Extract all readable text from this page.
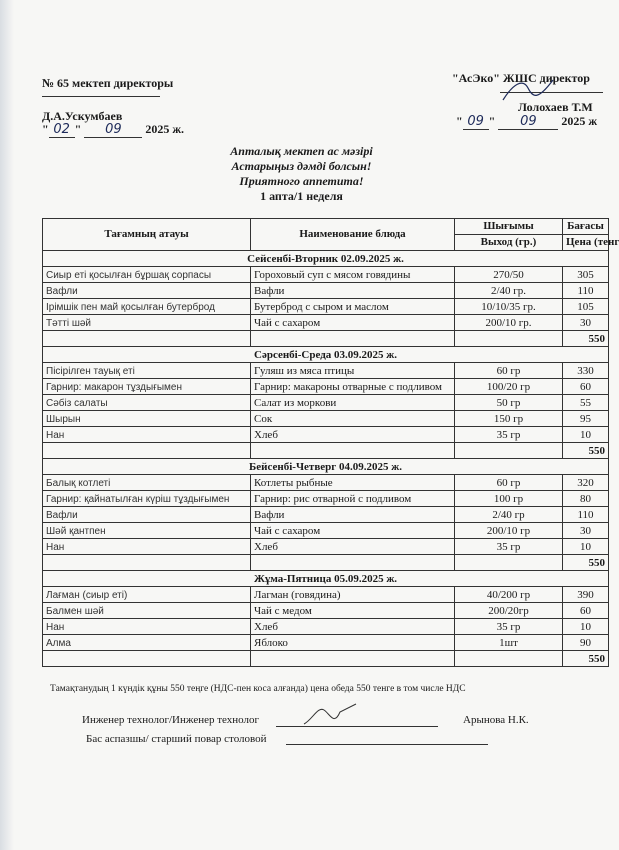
№ 65 мектеп директоры
Д.А.Ускумбаев
" 02 " 09 2025 ж.
"АсЭко" ЖШС директор
Лолохаев Т.М
" 09 " 09 2025 ж
Апталық мектеп ас мәзірі
Астарыңыз дәмді болсын!
Приятного аппетита!
1 апта/1 неделя
Тағамның атауы	Наименование блюда	Шығымы	Бағасы
		Выход (гр.)	Цена (тенг
Сейсенбі-Вторник 02.09.2025 ж.			
Сиыр еті қосылған бұршақ сорпасы	Гороховый суп с мясом говядины	270/50	305
Вафли	Вафли	2/40 гр.	110
Ірімшік пен май қосылған бутерброд	Бутерброд с сыром и маслом	10/10/35 гр.	105
Тәтті шәй	Чай с сахаром	200/10 гр.	30
			550
Сәрсенбі-Среда 03.09.2025 ж.			
Пісірілген тауық еті	Гуляш из мяса птицы	60 гр	330
Гарнир: макарон тұздығымен	Гарнир: макароны отварные с подливом	100/20 гр	60
Сәбіз салаты	Салат из моркови	50 гр	55
Шырын	Сок	150 гр	95
Нан	Хлеб	35 гр	10
			550
Бейсенбі-Четверг 04.09.2025 ж.			
Балық котлеті	Котлеты рыбные	60 гр	320
Гарнир: қайнатылған күріш тұздығымен	Гарнир: рис отварной с подливом	100 гр	80
Вафли	Вафли	2/40 гр	110
Шәй қантпен	Чай с сахаром	200/10 гр	30
Нан	Хлеб	35 гр	10
			550
Жұма-Пятница 05.09.2025 ж.			
Лағман (сиыр еті)	Лагман (говядина)	40/200 гр	390
Балмен шәй	Чай с медом	200/20гр	60
Нан	Хлеб	35 гр	10
Алма	Яблоко	1шт	90
			550
Тамақтанудың 1 күндік құны 550 теңге (НДС-пен коса алғанда) цена обеда 550 тенге в том числе НДС
Инженер технолог/Инженер технолог	Арынова Н.К.
Бас аспазшы/ старший повар столовой
